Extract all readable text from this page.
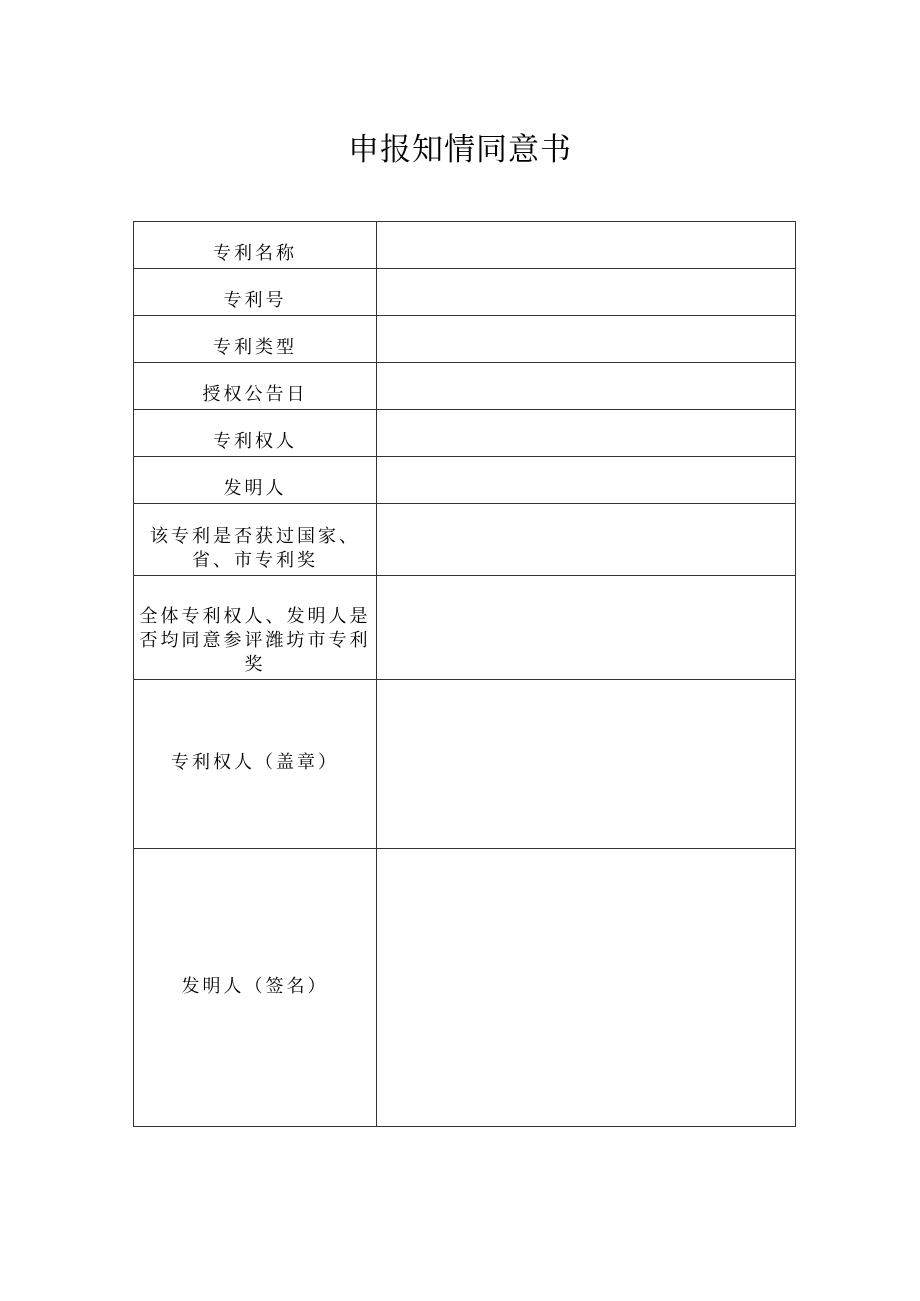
申报知情同意书
专利名称	

专利号	

专利类型	

授权公告日	

专利权人	

发明人	

该专利是否获过国家、
省、市专利奖	

全体专利权人、发明人是
否均同意参评潍坊市专利
奖	

专利权人（盖章）	

发明人（签名）	
